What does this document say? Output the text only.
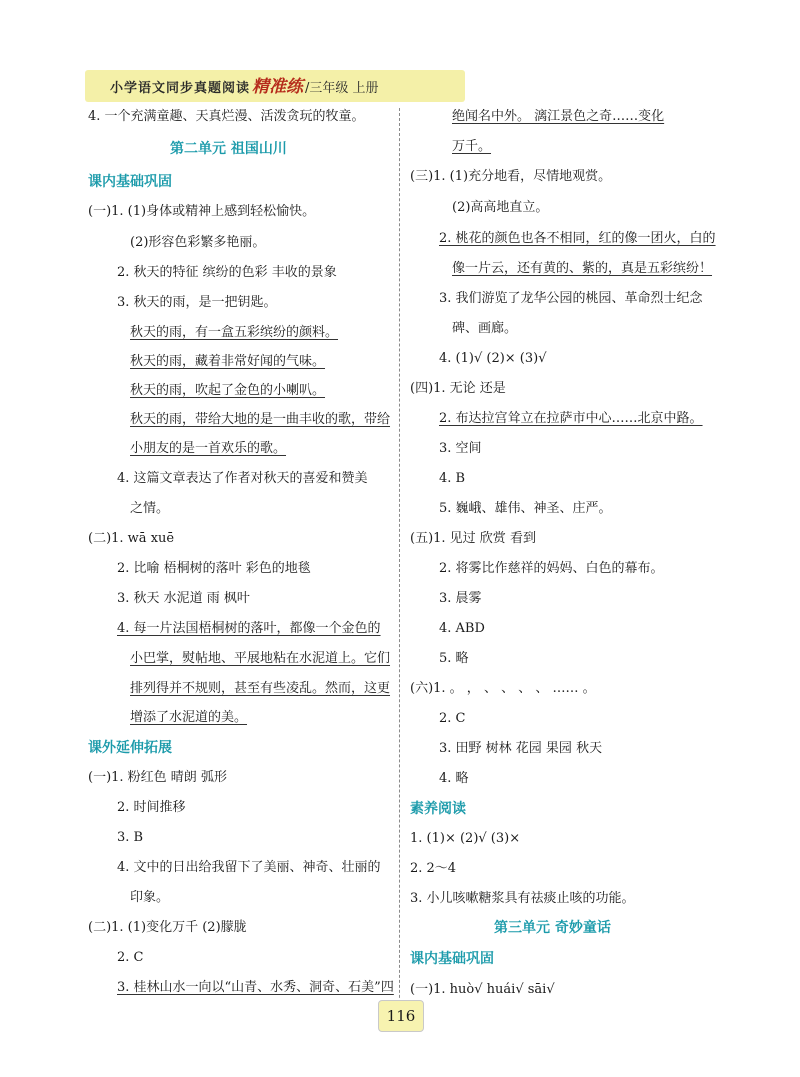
小学语文同步真题阅读 精准练 /三年级 上册
4. 一个充满童趣、天真烂漫、活泼贪玩的牧童。
第二单元 祖国山川
课内基础巩固
(一)1. (1)身体或精神上感到轻松愉快。
(2)形容色彩繁多艳丽。
2. 秋天的特征 缤纷的色彩 丰收的景象
3. 秋天的雨，是一把钥匙。
秋天的雨，有一盒五彩缤纷的颜料。
秋天的雨，藏着非常好闻的气味。
秋天的雨，吹起了金色的小喇叭。
秋天的雨，带给大地的是一曲丰收的歌，带给
小朋友的是一首欢乐的歌。
4. 这篇文章表达了作者对秋天的喜爱和赞美
之情。
(二)1. wā xuē
2. 比喻 梧桐树的落叶 彩色的地毯
3. 秋天 水泥道 雨 枫叶
4. 每一片法国梧桐树的落叶，都像一个金色的
小巴掌，熨帖地、平展地粘在水泥道上。它们
排列得并不规则，甚至有些凌乱。然而，这更
增添了水泥道的美。
课外延伸拓展
(一)1. 粉红色 晴朗 弧形
2. 时间推移
3. B
4. 文中的日出给我留下了美丽、神奇、壮丽的
印象。
(二)1. (1)变化万千 (2)朦胧
2. C
3. 桂林山水一向以“山青、水秀、洞奇、石美”四
绝闻名中外。 漓江景色之奇……变化
万千。
(三)1. (1)充分地看，尽情地观赏。
(2)高高地直立。
2. 桃花的颜色也各不相同，红的像一团火，白的
像一片云，还有黄的、紫的，真是五彩缤纷！
3. 我们游览了龙华公园的桃园、革命烈士纪念
碑、画廊。
4. (1)√ (2)× (3)√
(四)1. 无论 还是
2. 布达拉宫耸立在拉萨市中心……北京中路。
3. 空间
4. B
5. 巍峨、雄伟、神圣、庄严。
(五)1. 见过 欣赏 看到
2. 将雾比作慈祥的妈妈、白色的幕布。
3. 晨雾
4. ABD
5. 略
(六)1. 。 ， 、 、 、 、 …… 。
2. C
3. 田野 树林 花园 果园 秋天
4. 略
素养阅读
1. (1)× (2)√ (3)×
2. 2～4
3. 小儿咳嗽糖浆具有祛痰止咳的功能。
第三单元 奇妙童话
课内基础巩固
(一)1. huò√ huái√ sāi√
116
